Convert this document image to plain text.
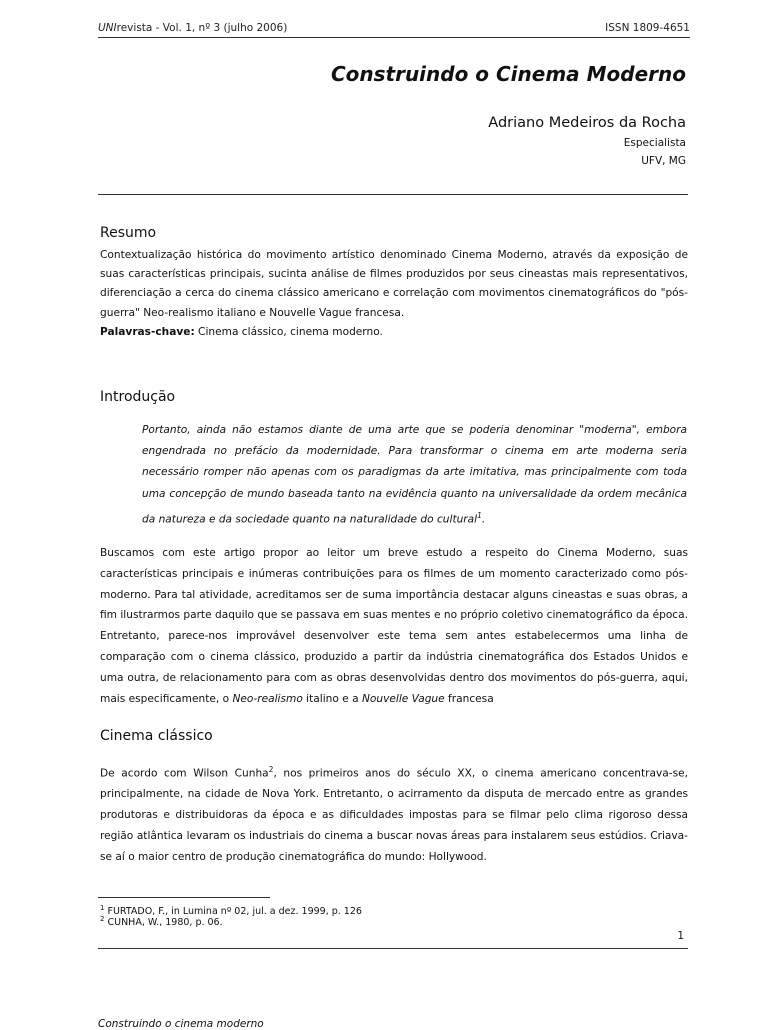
UNIrevista - Vol. 1, nº 3 (julho 2006)	ISSN 1809-4651
Construindo o Cinema Moderno
Adriano Medeiros da Rocha
Especialista
UFV, MG
Resumo
Contextualização histórica do movimento artístico denominado Cinema Moderno, através da exposição de suas características principais, sucinta análise de filmes produzidos por seus cineastas mais representativos, diferenciação a cerca do cinema clássico americano e correlação com movimentos cinematográficos do "pós-guerra" Neo-realismo italiano e Nouvelle Vague francesa.
Palavras-chave: Cinema clássico, cinema moderno.
Introdução
Portanto, ainda não estamos diante de uma arte que se poderia denominar "moderna", embora engendrada no prefácio da modernidade. Para transformar o cinema em arte moderna seria necessário romper não apenas com os paradigmas da arte imitativa, mas principalmente com toda uma concepção de mundo baseada tanto na evidência quanto na universalidade da ordem mecânica da natureza e da sociedade quanto na naturalidade do cultural$^1$.
Buscamos com este artigo propor ao leitor um breve estudo a respeito do Cinema Moderno, suas características principais e inúmeras contribuições para os filmes de um momento caracterizado como pós-moderno. Para tal atividade, acreditamos ser de suma importância destacar alguns cineastas e suas obras, a fim ilustrarmos parte daquilo que se passava em suas mentes e no próprio coletivo cinematográfico da época. Entretanto, parece-nos improvável desenvolver este tema sem antes estabelecermos uma linha de comparação com o cinema clássico, produzido a partir da indústria cinematográfica dos Estados Unidos e uma outra, de relacionamento para com as obras desenvolvidas dentro dos movimentos do pós-guerra, aqui, mais especificamente, o Neo-realismo italino e a Nouvelle Vague francesa
Cinema clássico
De acordo com Wilson Cunha$^2$, nos primeiros anos do século XX, o cinema americano concentrava-se, principalmente, na cidade de Nova York. Entretanto, o acirramento da disputa de mercado entre as grandes produtoras e distribuidoras da época e as dificuldades impostas para se filmar pelo clima rigoroso dessa região atlântica levaram os industriais do cinema a buscar novas áreas para instalarem seus estúdios. Criava-se aí o maior centro de produção cinematográfica do mundo: Hollywood.
$^1$ FURTADO, F., in Lumina nº 02, jul. a dez. 1999, p. 126
$^2$ CUNHA, W., 1980, p. 06.
1
Construindo o cinema moderno
